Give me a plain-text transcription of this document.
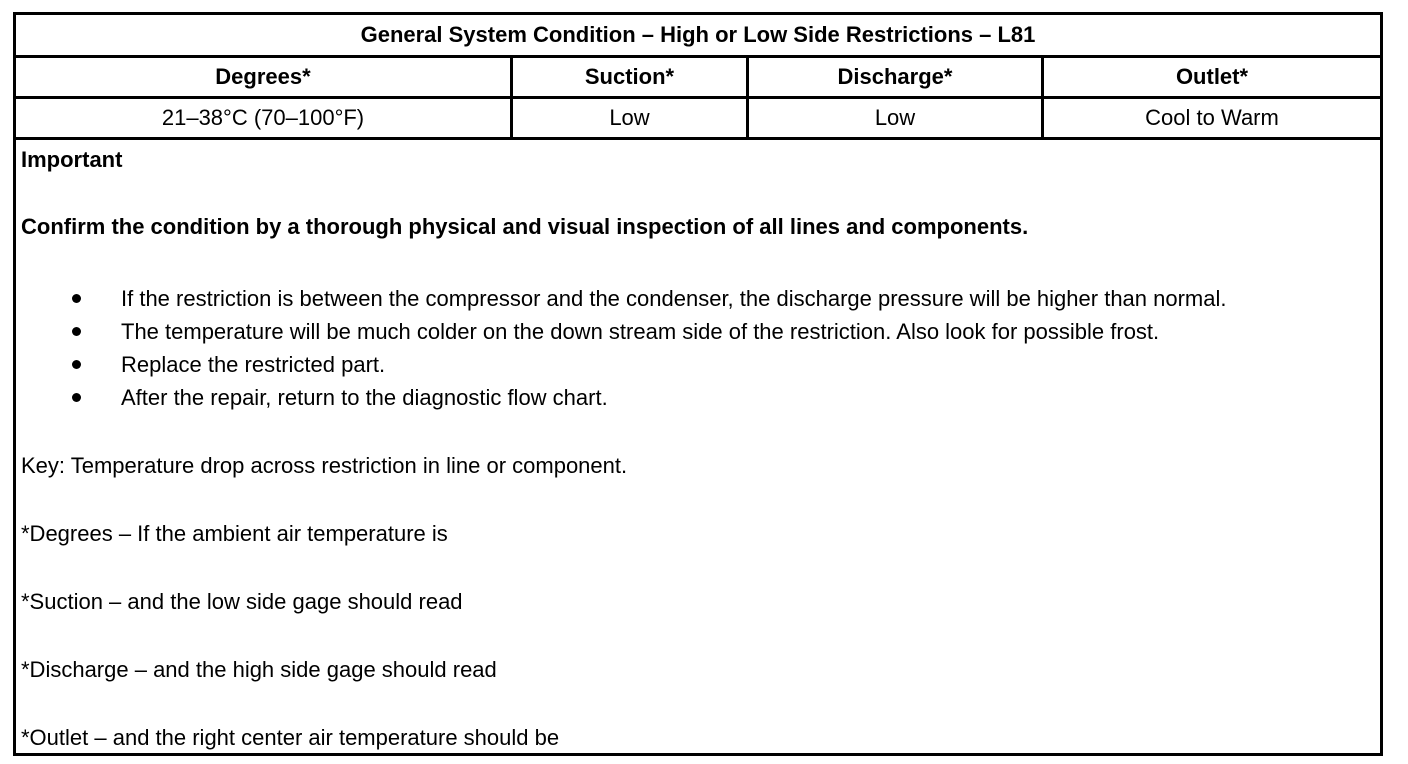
General System Condition – High or Low Side Restrictions – L81
Degrees*	Suction*	Discharge*	Outlet*
21–38°C (70–100°F)	Low	Low	Cool to Warm

Important

Confirm the condition by a thorough physical and visual inspection of all lines and components.

If the restriction is between the compressor and the condenser, the discharge pressure will be higher than normal.
The temperature will be much colder on the down stream side of the restriction. Also look for possible frost.
Replace the restricted part.
After the repair, return to the diagnostic flow chart.

Key: Temperature drop across restriction in line or component.

*Degrees – If the ambient air temperature is

*Suction – and the low side gage should read

*Discharge – and the high side gage should read

*Outlet – and the right center air temperature should be
